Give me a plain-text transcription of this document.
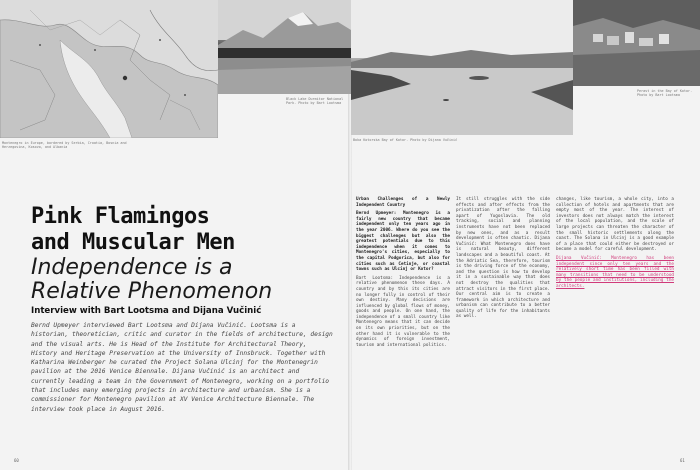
Montenegro in Europe, bordered by Serbia, Croatia, Bosnia and Herzegovina, Kosovo, and Albania
Black Lake Durmitor National Park. Photo by Bart Lootsma
Bokа Kotorska Bay of Kotor. Photo by Dijana Vučinić
Perast in the Bay of Kotor. Photo by Bart Lootsma
Pink Flamingos
and Muscular Men
Independence is a
Relative Phenomenon
Interview with Bart Lootsma and Dijana Vučinić
Bernd Upmeyer interviewed Bart Lootsma and Dijana Vučinić. Lootsma is a historian, theoretician, critic and curator in the fields of architecture, design and the visual arts. He is Head of the Institute for Architectural Theory, History and Heritage Preservation at the University of Innsbruck. Together with Katharina Weinberger he curated the Project Solana Ulcinj for the Montenegrin pavilion at the 2016 Venice Biennale. Dijana Vučinić is an architect and currently leading a team in the Government of Montenegro, working on a portfolio that includes many emerging projects in architecture and urbanism. She is a commissioner for Montenegro pavilion at XV Venice Architecture Biennale. The interview took place in August 2016.

Urban Challenges of a Newly Independent Country

Bernd Upmeyer: Montenegro is a fairly new country that became independent only ten years ago in the year 2006. Where do you see the biggest challenges but also the greatest potentials due to this independence when it comes to Montenegro's cities, especially to the capital Podgorica, but also for cities such as Cetinje, or coastal towns such as Ulcinj or Kotor?

Bart Lootsma: Independence is a relative phenomenon these days. A country and by this its cities are no longer fully in control of their own destiny. Many decisions are influenced by global flows of money, goods and people. On one hand, the independence of a small country like Montenegro means that it can decide on its own priorities, but on the other hand it is vulnerable to the dynamics of foreign investment, tourism and international politics.

It still struggles with the side effects and after effects from the privatization after the falling apart of Yugoslavia. The old tracking, social and planning instruments have not been replaced by new ones, and as a result development is often chaotic. Dijana Vučinić: What Montenegro does have is natural beauty, different landscapes and a beautiful coast. At the Adriatic Sea, therefore, tourism is the driving force of the economy, and the question is how to develop it in a sustainable way that does not destroy the qualities that attract visitors in the first place. Our central aim is to create a framework in which architecture and urbanism can contribute to a better quality of life for the inhabitants as well.

changes, like tourism, a whole city, into a collection of hotels and apartments that are empty most of the year. The interest of investors does not always match the interest of the local population, and the scale of large projects can threaten the character of the small historic settlements along the coast. The Solana in Ulcinj is a good example of a place that could either be destroyed or become a model for careful development.

Dijana Vučinić: Montenegro has been independent since only ten years and the relatively short time has been filled with many transitions that need to be understood by the people and institutions, including the architects.

60	61
